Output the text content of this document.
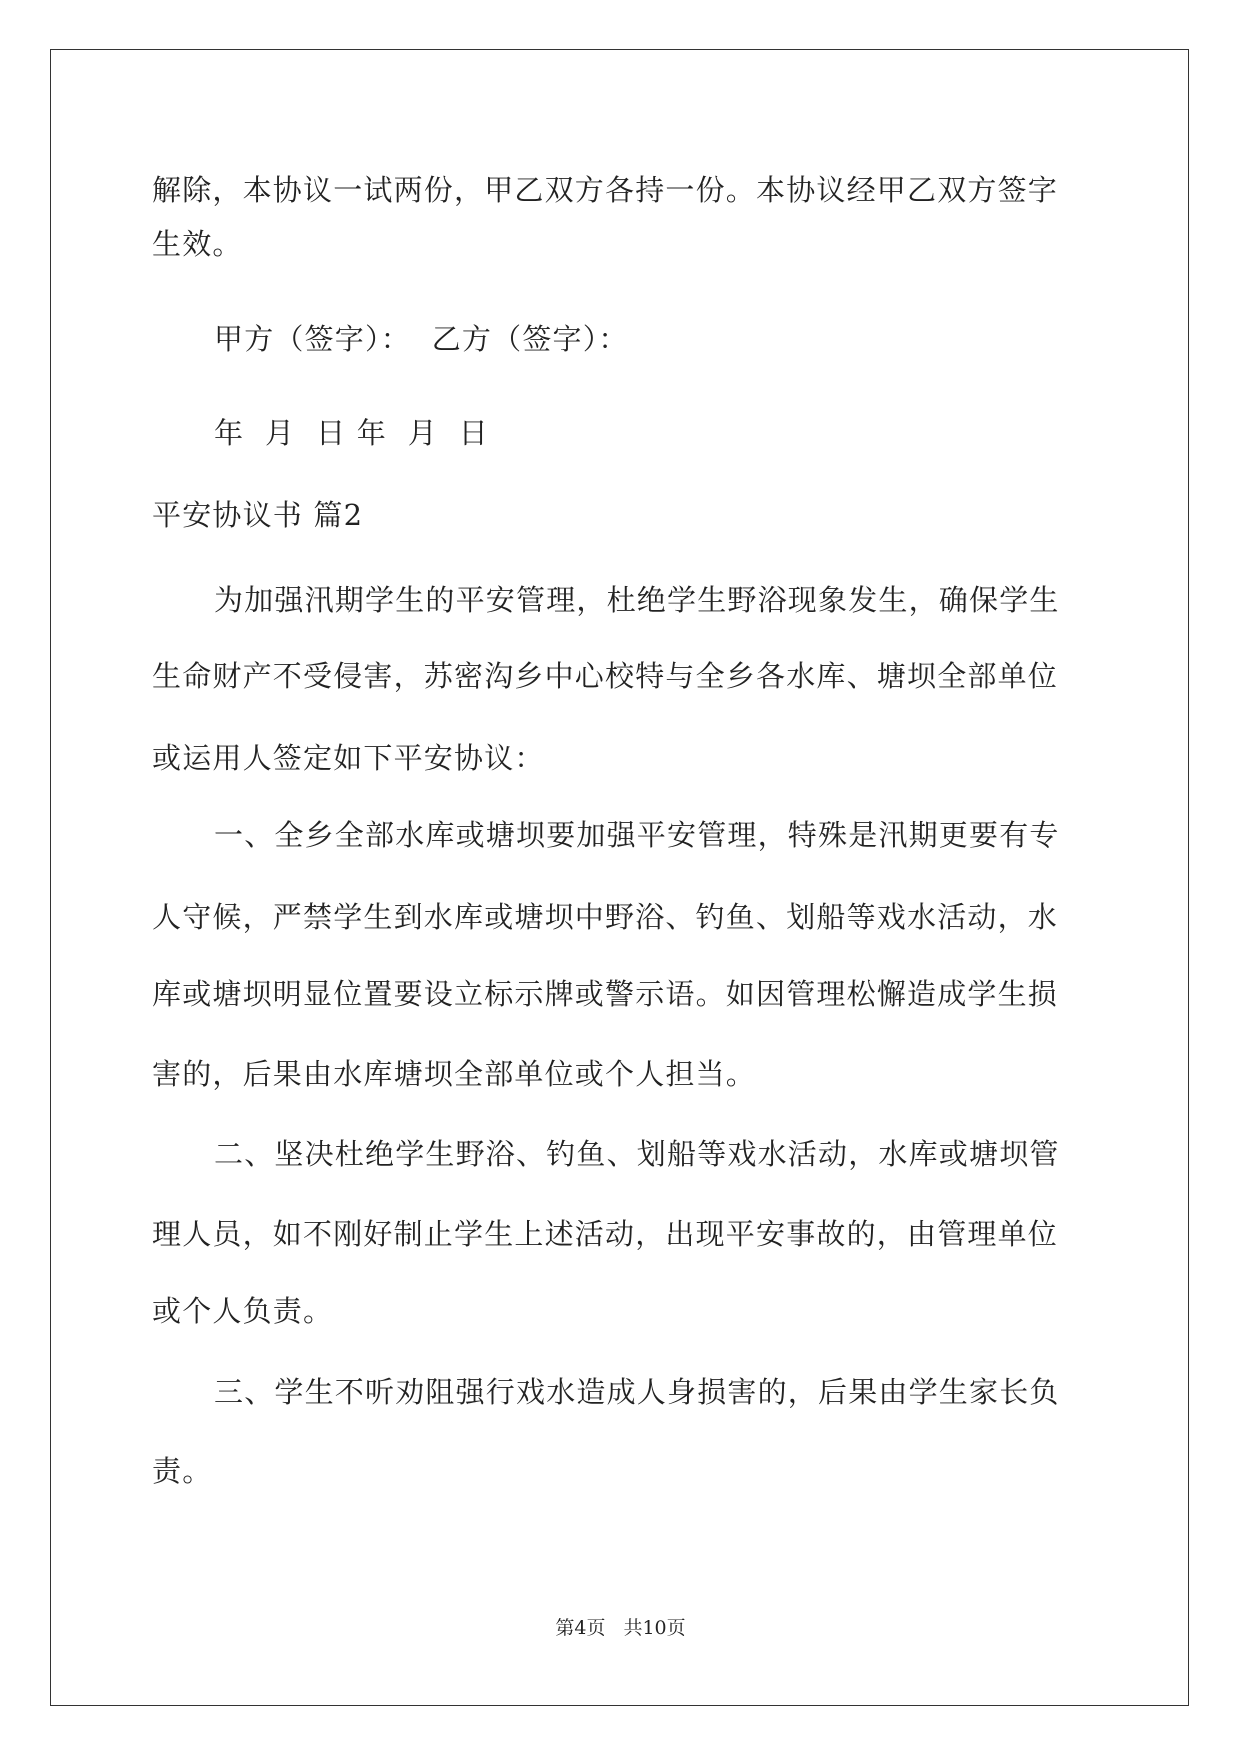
解除，本协议一试两份，甲乙双方各持一份。本协议经甲乙双方签字
生效。
甲方（签字）：  乙方（签字）：
年  月  日 年  月  日
平安协议书 篇2
为加强汛期学生的平安管理，杜绝学生野浴现象发生，确保学生
生命财产不受侵害，苏密沟乡中心校特与全乡各水库、塘坝全部单位
或运用人签定如下平安协议：
一、全乡全部水库或塘坝要加强平安管理，特殊是汛期更要有专
人守候，严禁学生到水库或塘坝中野浴、钓鱼、划船等戏水活动，水
库或塘坝明显位置要设立标示牌或警示语。如因管理松懈造成学生损
害的，后果由水库塘坝全部单位或个人担当。
二、坚决杜绝学生野浴、钓鱼、划船等戏水活动，水库或塘坝管
理人员，如不刚好制止学生上述活动，出现平安事故的，由管理单位
或个人负责。
三、学生不听劝阻强行戏水造成人身损害的，后果由学生家长负
责。
第4页 共10页
